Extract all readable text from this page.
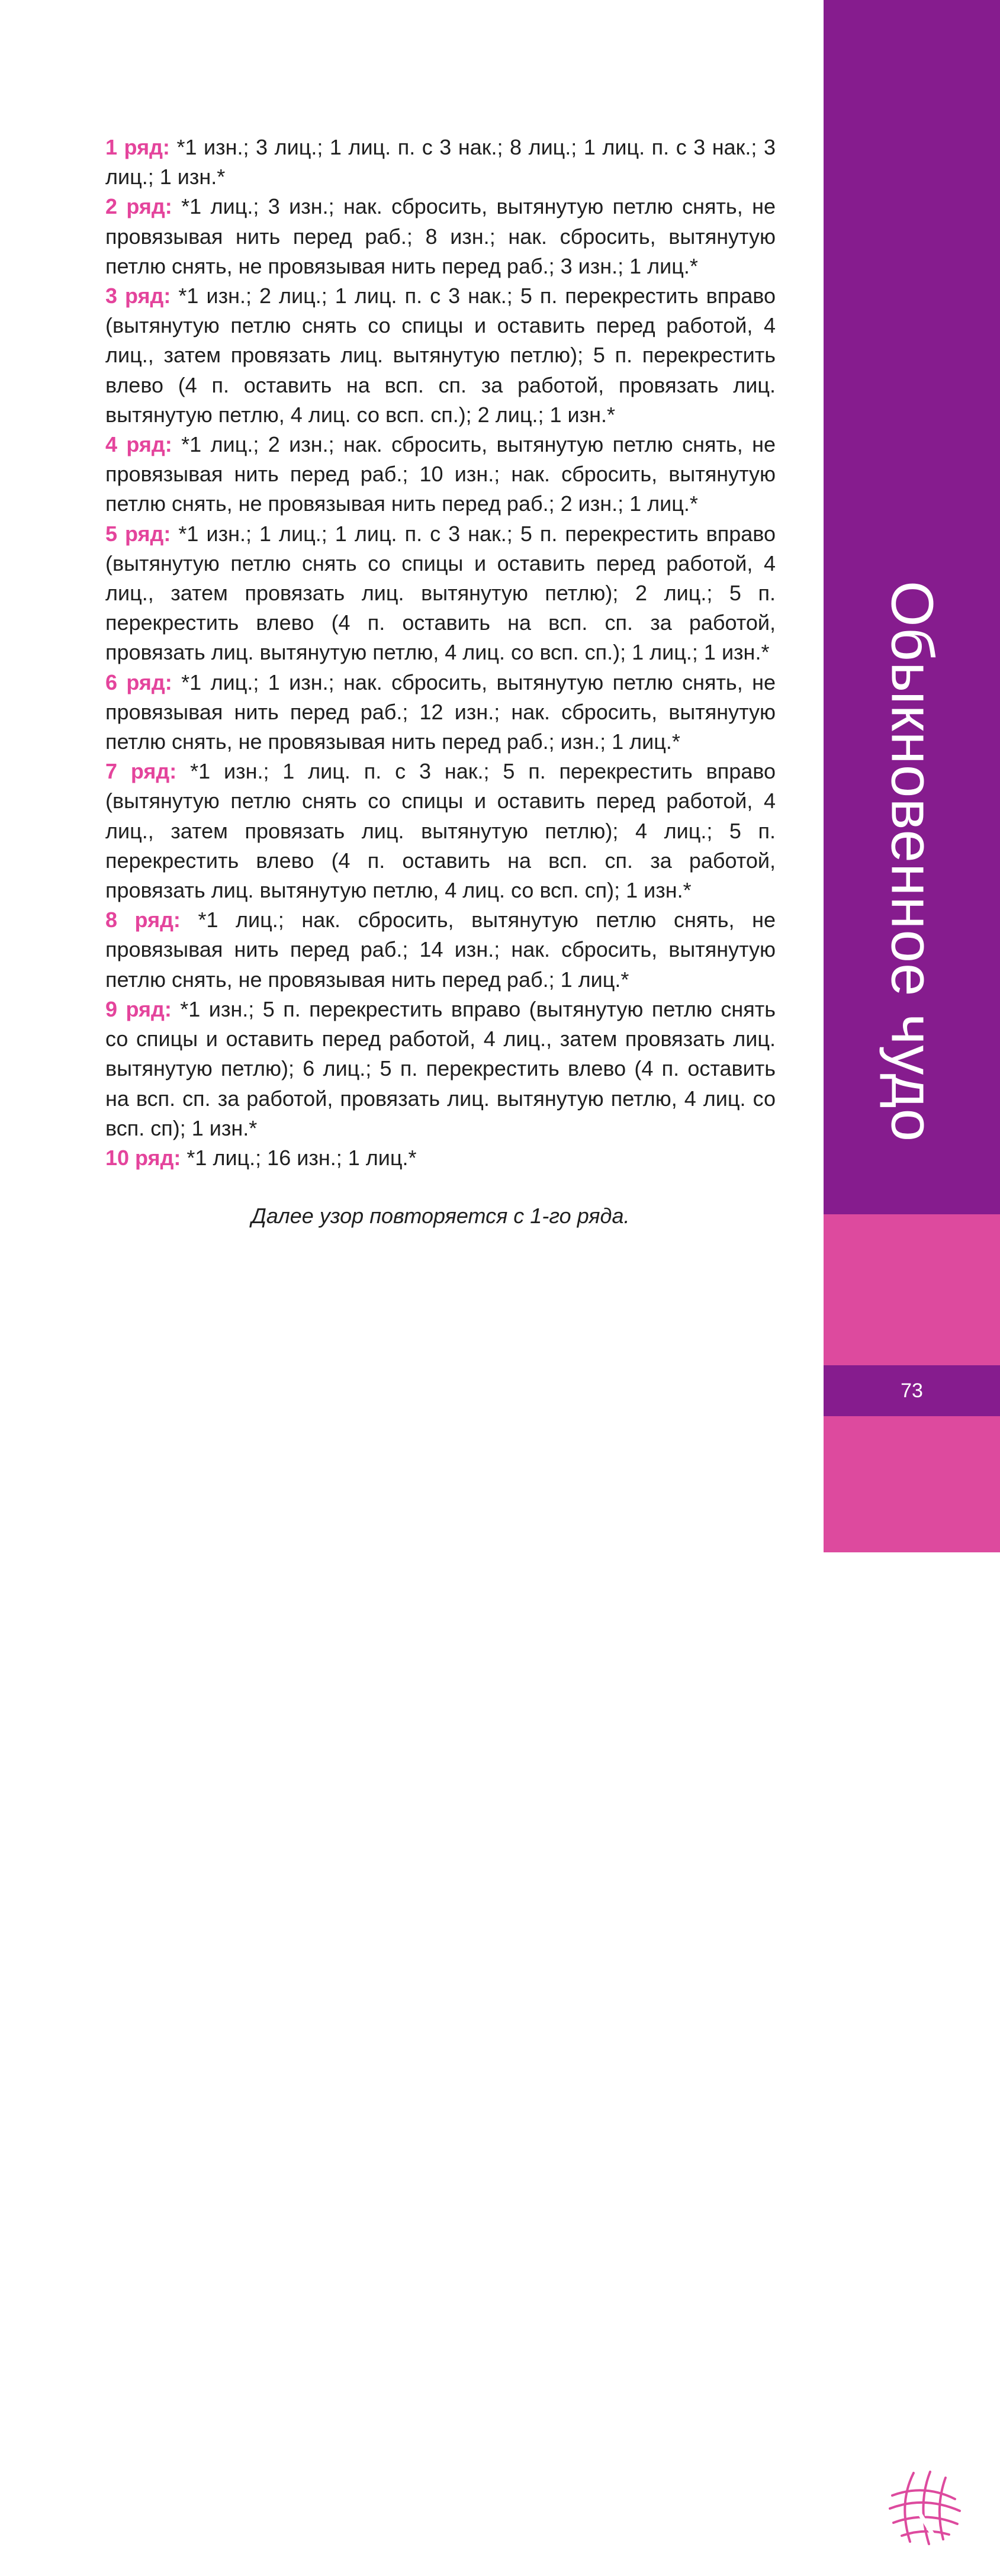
1 ряд: *1 изн.; 3 лиц.; 1 лиц. п. с 3 нак.; 8 лиц.; 1 лиц. п. с 3 нак.; 3 лиц.; 1 изн.*
2 ряд: *1 лиц.; 3 изн.; нак. сбросить, вытянутую петлю снять, не провязывая нить перед раб.; 8 изн.; нак. сбросить, вытянутую петлю снять, не провязывая нить перед раб.; 3 изн.; 1 лиц.*
3 ряд: *1 изн.; 2 лиц.; 1 лиц. п. с 3 нак.; 5 п. перекрестить вправо (вытянутую петлю снять со спицы и оставить перед работой, 4 лиц., затем провязать лиц. вытянутую петлю); 5 п. перекрестить влево (4 п. оставить на всп. сп. за работой, провязать лиц. вытянутую петлю, 4 лиц. со всп. сп.); 2 лиц.; 1 изн.*
4 ряд: *1 лиц.; 2 изн.; нак. сбросить, вытянутую петлю снять, не провязывая нить перед раб.; 10 изн.; нак. сбросить, вытянутую петлю снять, не провязывая нить перед раб.; 2 изн.; 1 лиц.*
5 ряд: *1 изн.; 1 лиц.; 1 лиц. п. с 3 нак.; 5 п. перекрестить вправо (вытянутую петлю снять со спицы и оставить перед работой, 4 лиц., затем провязать лиц. вытянутую петлю); 2 лиц.; 5 п. перекрестить влево (4 п. оставить на всп. сп. за работой, провязать лиц. вытянутую петлю, 4 лиц. со всп. сп.); 1 лиц.; 1 изн.*
6 ряд: *1 лиц.; 1 изн.; нак. сбросить, вытянутую петлю снять, не провязывая нить перед раб.; 12 изн.; нак. сбросить, вытянутую петлю снять, не провязывая нить перед раб.; изн.; 1 лиц.*
7 ряд: *1 изн.; 1 лиц. п. с 3 нак.; 5 п. перекрестить вправо (вытянутую петлю снять со спицы и оставить перед работой, 4 лиц., затем провязать лиц. вытянутую петлю); 4 лиц.; 5 п. перекрестить влево (4 п. оставить на всп. сп. за работой, провязать лиц. вытянутую петлю, 4 лиц. со всп. сп); 1 изн.*
8 ряд: *1 лиц.; нак. сбросить, вытянутую петлю снять, не провязывая нить перед раб.; 14 изн.; нак. сбросить, вытянутую петлю снять, не провязывая нить перед раб.; 1 лиц.*
9 ряд: *1 изн.; 5 п. перекрестить вправо (вытянутую петлю снять со спицы и оставить перед работой, 4 лиц., затем провязать лиц. вытянутую петлю); 6 лиц.; 5 п. перекрестить влево (4 п. оставить на всп. сп. за работой, провязать лиц. вытянутую петлю, 4 лиц. со всп. сп); 1 изн.*
10 ряд: *1 лиц.; 16 изн.; 1 лиц.*
Далее узор повторяется с 1-го ряда.
Обыкновенное чудо
73
